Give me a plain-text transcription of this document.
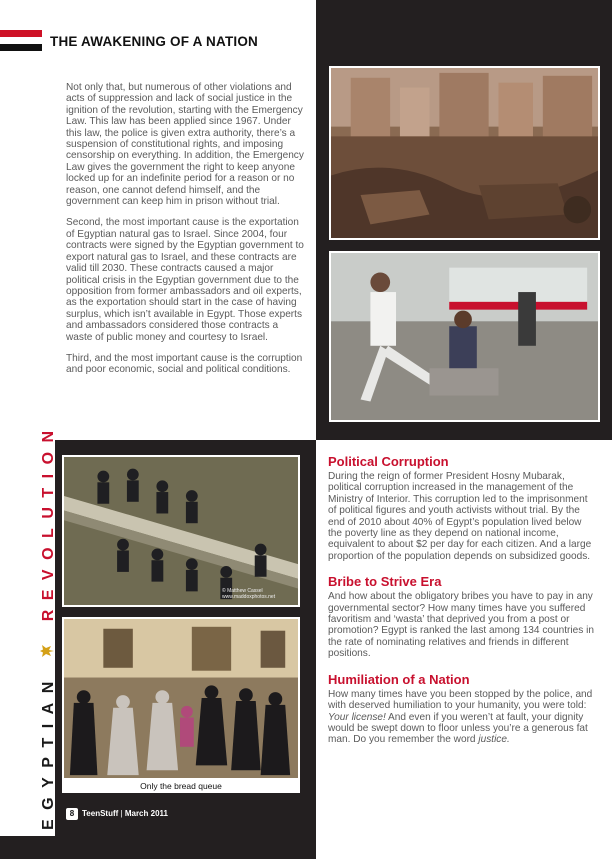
THE AWAKENING OF A NATION
EGYPTIAN  REVOLUTION

Not only that, but numerous of other violations and acts of suppression and lack of social justice in the ignition of the revolution, starting with the Emergency Law. This law has been applied since 1967. Under this law, the police is given extra authority, there’s a suspension of constitutional rights, and imposing censorship on everything. In addition, the Emergency Law gives the government the right to keep anyone locked up for an indefinite period for a reason or no reason, one cannot defend himself, and the government can keep him in prison without trial.

Second, the most important cause is the exportation of Egyptian natural gas to Israel. Since 2004, four contracts were signed by the Egyptian government to export natural gas to Israel, and these contracts are valid till 2030. These contracts caused a major political crisis in the Egyptian government due to the opposition from former ambassadors and oil experts, as the exportation should start in the case of having surplus, which isn’t available in Egypt. Those experts and ambassadors considered those contracts a waste of public money and courtesy to Israel.

Third, and the most important cause is the corruption and poor economic, social and political conditions.

© Matthew Cassel
www.maddoxphotos.net
Only the bread queue
Political Corruption

During the reign of former President Hosny Mubarak, political corruption increased in the management of the Ministry of Interior. This corruption led to the imprisonment of political figures and youth activists without trial. By the end of 2010 about 40% of Egypt’s population lived below the poverty line as they depend on national income, equivalent to about $2 per day for each citizen. And a large proportion of the population depends on subsidized goods.

Bribe to Strive Era

And how about the obligatory bribes you have to pay in any governmental sector? How many times have you suffered favoritism and ‘wasta’ that deprived you from a post or promotion? Egypt is ranked the last among 134 countries in the rate of nominating relatives and friends in different positions.

Humiliation of a Nation

How many times have you been stopped by the police, and with deserved humiliation to your humanity, you were told: Your license! And even if you weren’t at fault, your dignity would be swept down to floor unless you’re a generous fat man. Do you remember the word justice.

8 TeenStuff | March 2011
